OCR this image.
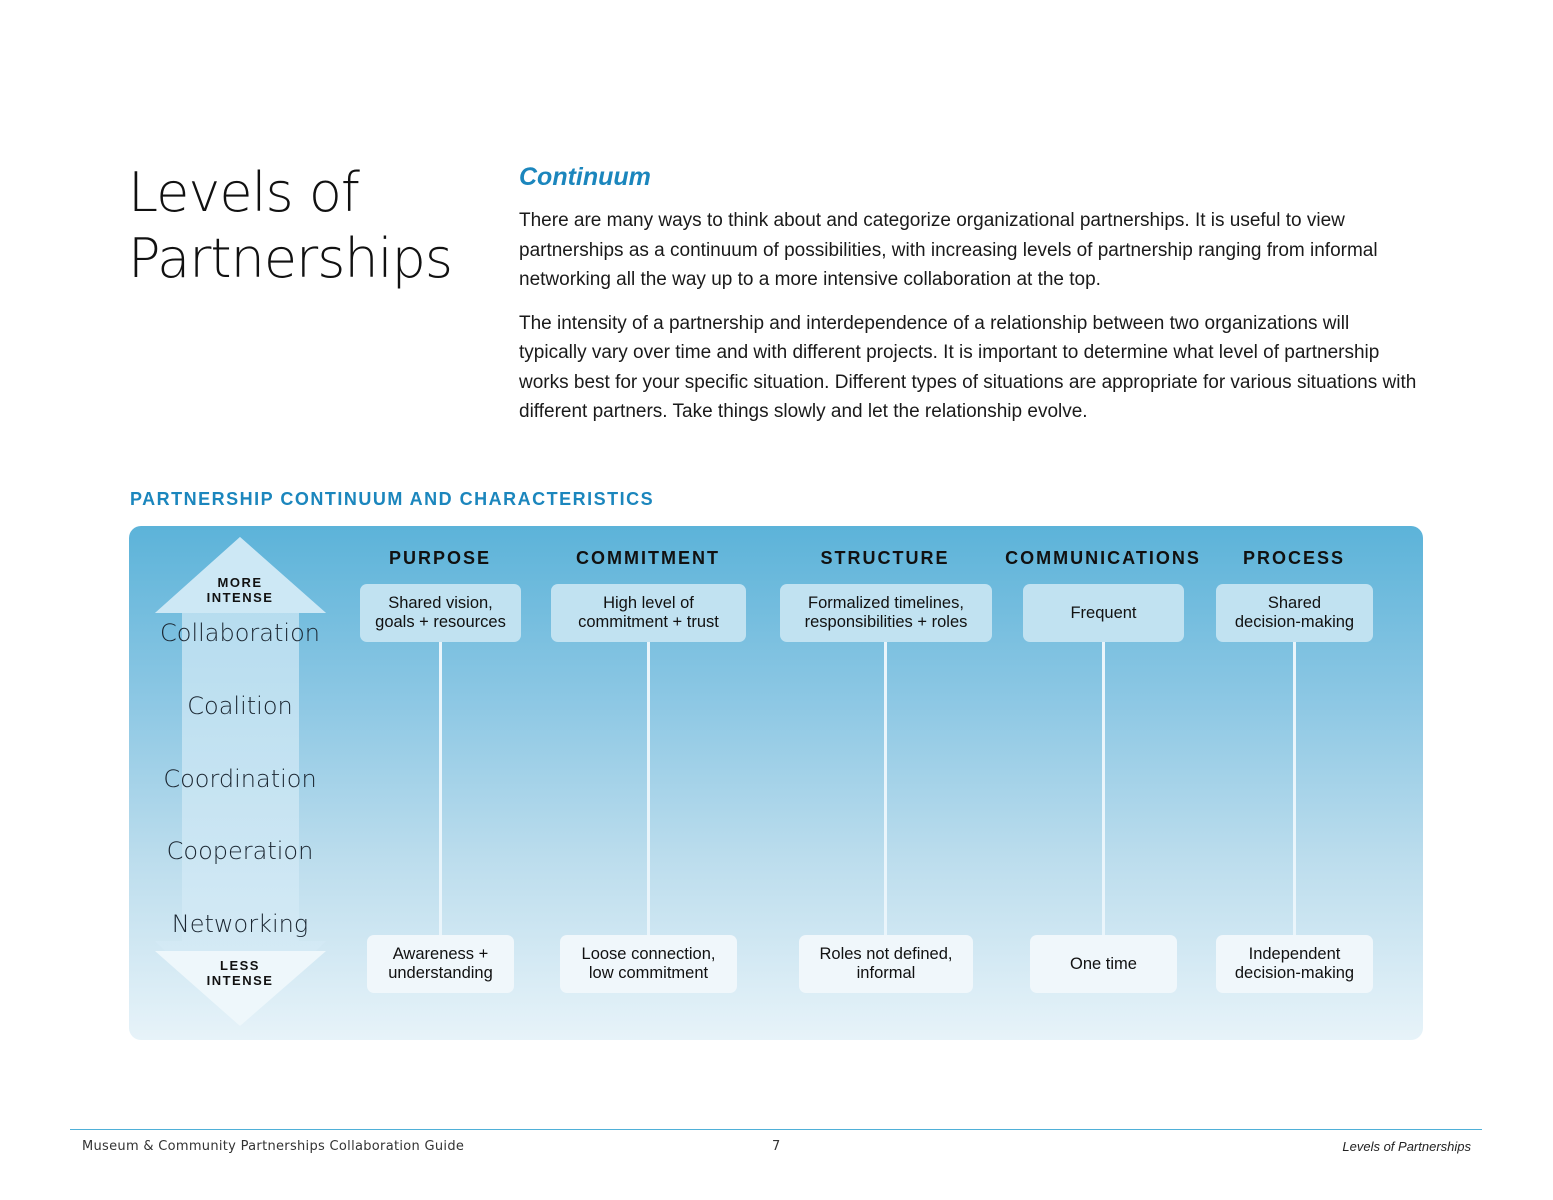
Levels of
Partnerships
Continuum

There are many ways to think about and categorize organizational partnerships. It is useful to view partnerships as a continuum of possibilities, with increasing levels of partnership ranging from informal networking all the way up to a more intensive collaboration at the top.

The intensity of a partnership and interdependence of a relationship between two organizations will typically vary over time and with different projects. It is important to determine what level of partnership works best for your specific situation. Different types of situations are appropriate for various situations with different partners. Take things slowly and let the relationship evolve.

PARTNERSHIP CONTINUUM AND CHARACTERISTICS
MORE
INTENSE
LESS
INTENSE
Collaboration
Coalition
Coordination
Cooperation
Networking
PURPOSE
Shared vision,
goals + resources
Awareness +
understanding
COMMITMENT
High level of
commitment + trust
Loose connection,
low commitment
STRUCTURE
Formalized timelines,
responsibilities + roles
Roles not defined,
informal
COMMUNICATIONS
Frequent
One time
PROCESS
Shared
decision-making
Independent
decision-making
Museum & Community Partnerships Collaboration Guide	7	Levels of Partnerships
